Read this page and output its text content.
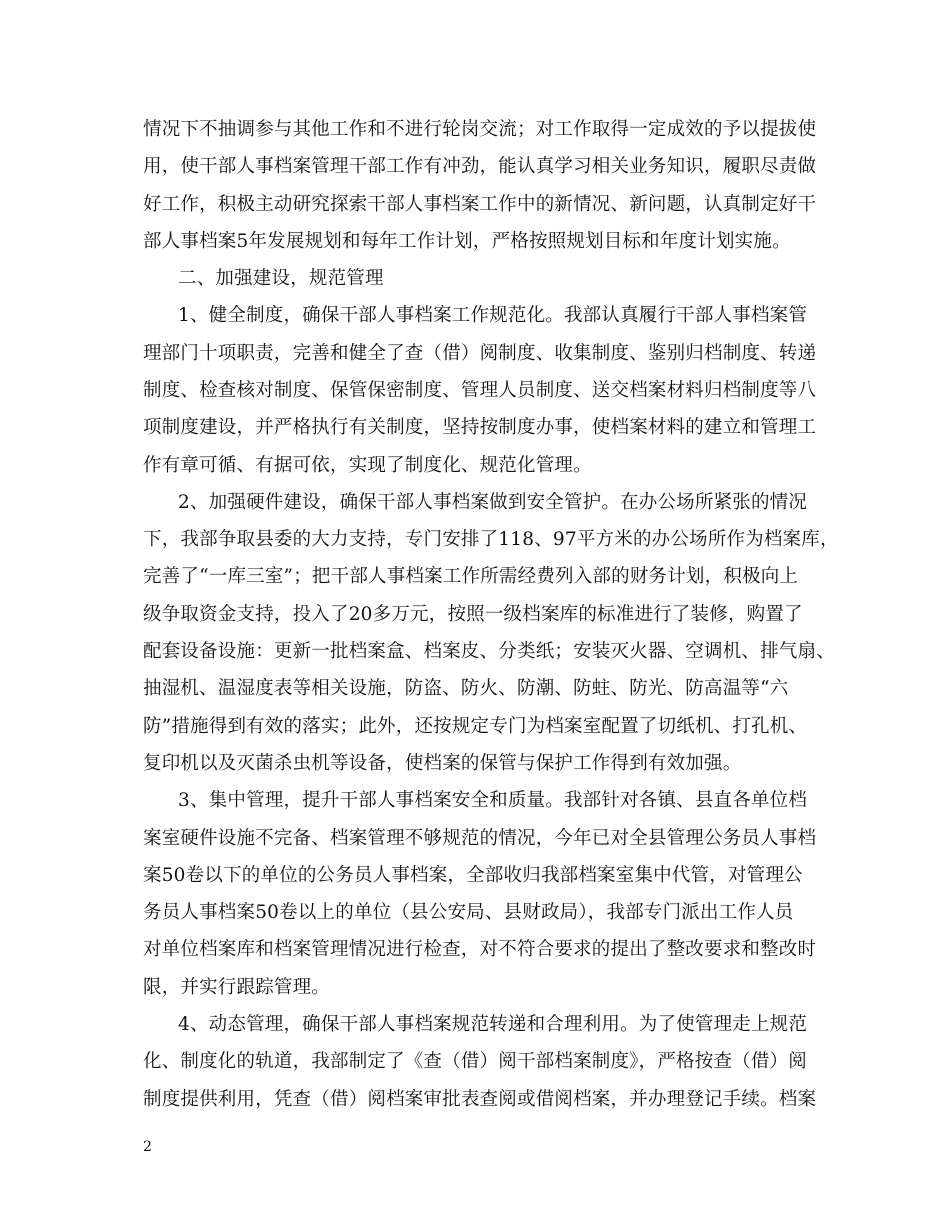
情况下不抽调参与其他工作和不进行轮岗交流；对工作取得一定成效的予以提拔使
用，使干部人事档案管理干部工作有冲劲，能认真学习相关业务知识，履职尽责做
好工作，积极主动研究探索干部人事档案工作中的新情况、新问题，认真制定好干
部人事档案5年发展规划和每年工作计划，严格按照规划目标和年度计划实施。
二、加强建设，规范管理
1、健全制度，确保干部人事档案工作规范化。我部认真履行干部人事档案管
理部门十项职责，完善和健全了查（借）阅制度、收集制度、鉴别归档制度、转递
制度、检查核对制度、保管保密制度、管理人员制度、送交档案材料归档制度等八
项制度建设，并严格执行有关制度，坚持按制度办事，使档案材料的建立和管理工
作有章可循、有据可依，实现了制度化、规范化管理。
2、加强硬件建设，确保干部人事档案做到安全管护。在办公场所紧张的情况
下，我部争取县委的大力支持，专门安排了118、97平方米的办公场所作为档案库，
完善了“一库三室”；把干部人事档案工作所需经费列入部的财务计划，积极向上
级争取资金支持，投入了20多万元，按照一级档案库的标准进行了装修，购置了
配套设备设施：更新一批档案盒、档案皮、分类纸；安装灭火器、空调机、排气扇、
抽湿机、温湿度表等相关设施，防盗、防火、防潮、防蛀、防光、防高温等“六
防”措施得到有效的落实；此外，还按规定专门为档案室配置了切纸机、打孔机、
复印机以及灭菌杀虫机等设备，使档案的保管与保护工作得到有效加强。
3、集中管理，提升干部人事档案安全和质量。我部针对各镇、县直各单位档
案室硬件设施不完备、档案管理不够规范的情况，今年已对全县管理公务员人事档
案50卷以下的单位的公务员人事档案，全部收归我部档案室集中代管，对管理公
务员人事档案50卷以上的单位（县公安局、县财政局），我部专门派出工作人员
对单位档案库和档案管理情况进行检查，对不符合要求的提出了整改要求和整改时
限，并实行跟踪管理。
4、动态管理，确保干部人事档案规范转递和合理利用。为了使管理走上规范
化、制度化的轨道，我部制定了《查（借）阅干部档案制度》，严格按查（借）阅
制度提供利用，凭查（借）阅档案审批表查阅或借阅档案，并办理登记手续。档案
2
